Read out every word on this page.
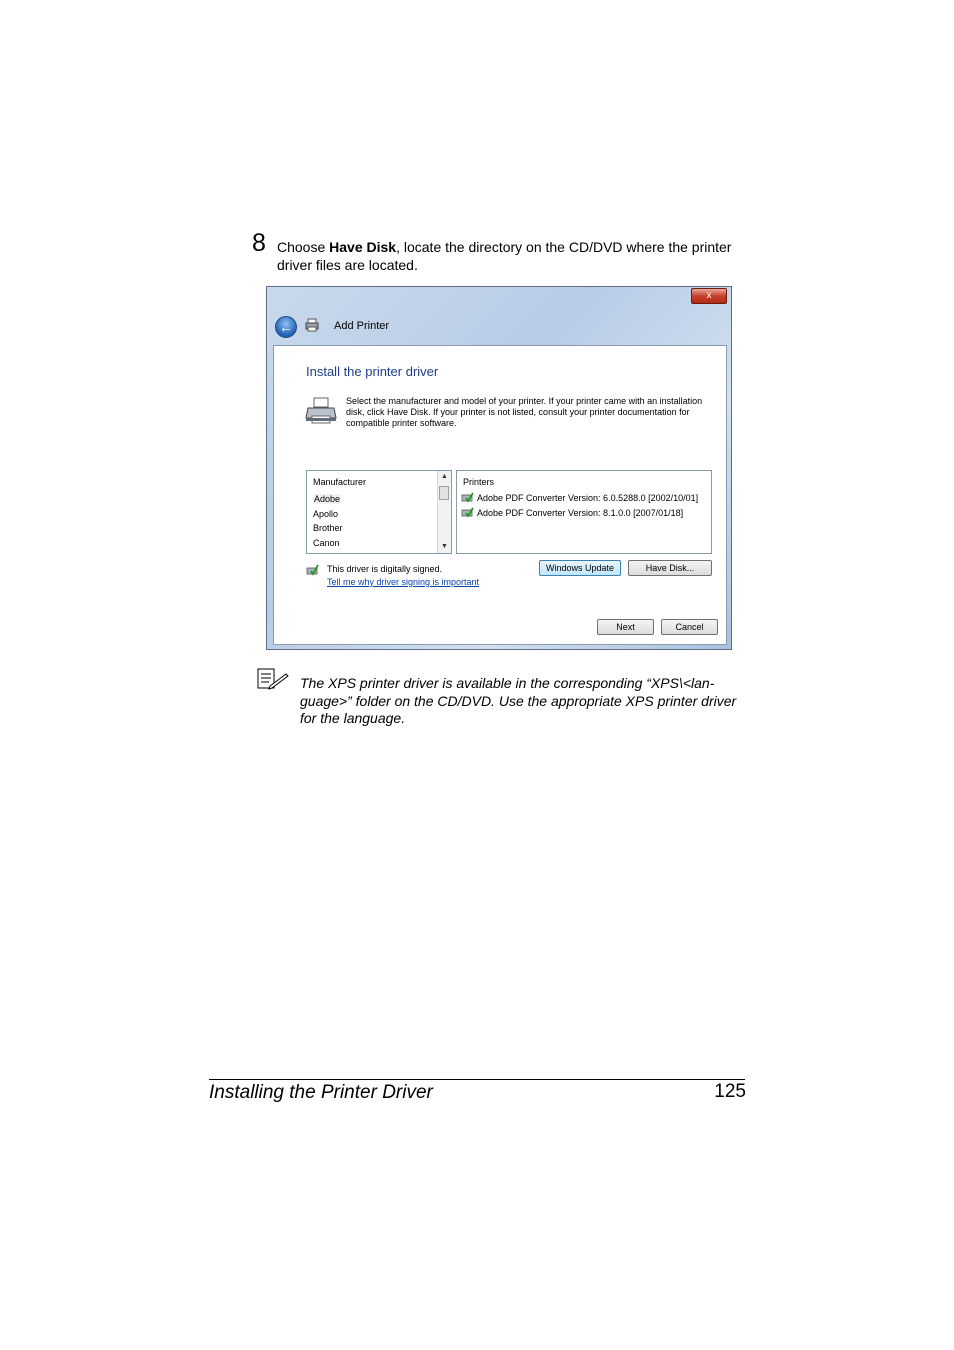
8 Choose Have Disk, locate the directory on the CD/DVD where the printer driver files are located.
x
←	Add Printer
Install the printer driver
Select the manufacturer and model of your printer. If your printer came with an installation disk, click Have Disk. If your printer is not listed, consult your printer documentation for compatible printer software.
Manufacturer
Adobe
Apollo
Brother
Canon
▲
▼
Printers
Adobe PDF Converter Version: 6.0.5288.0 [2002/10/01]
Adobe PDF Converter Version: 8.1.0.0 [2007/01/18]
This driver is digitally signed.
Tell me why driver signing is important
Windows Update	Have Disk...
Next	Cancel
The XPS printer driver is available in the corresponding “XPS\<lan-guage>” folder on the CD/DVD. Use the appropriate XPS printer driver for the language.
Installing the Printer Driver	125
